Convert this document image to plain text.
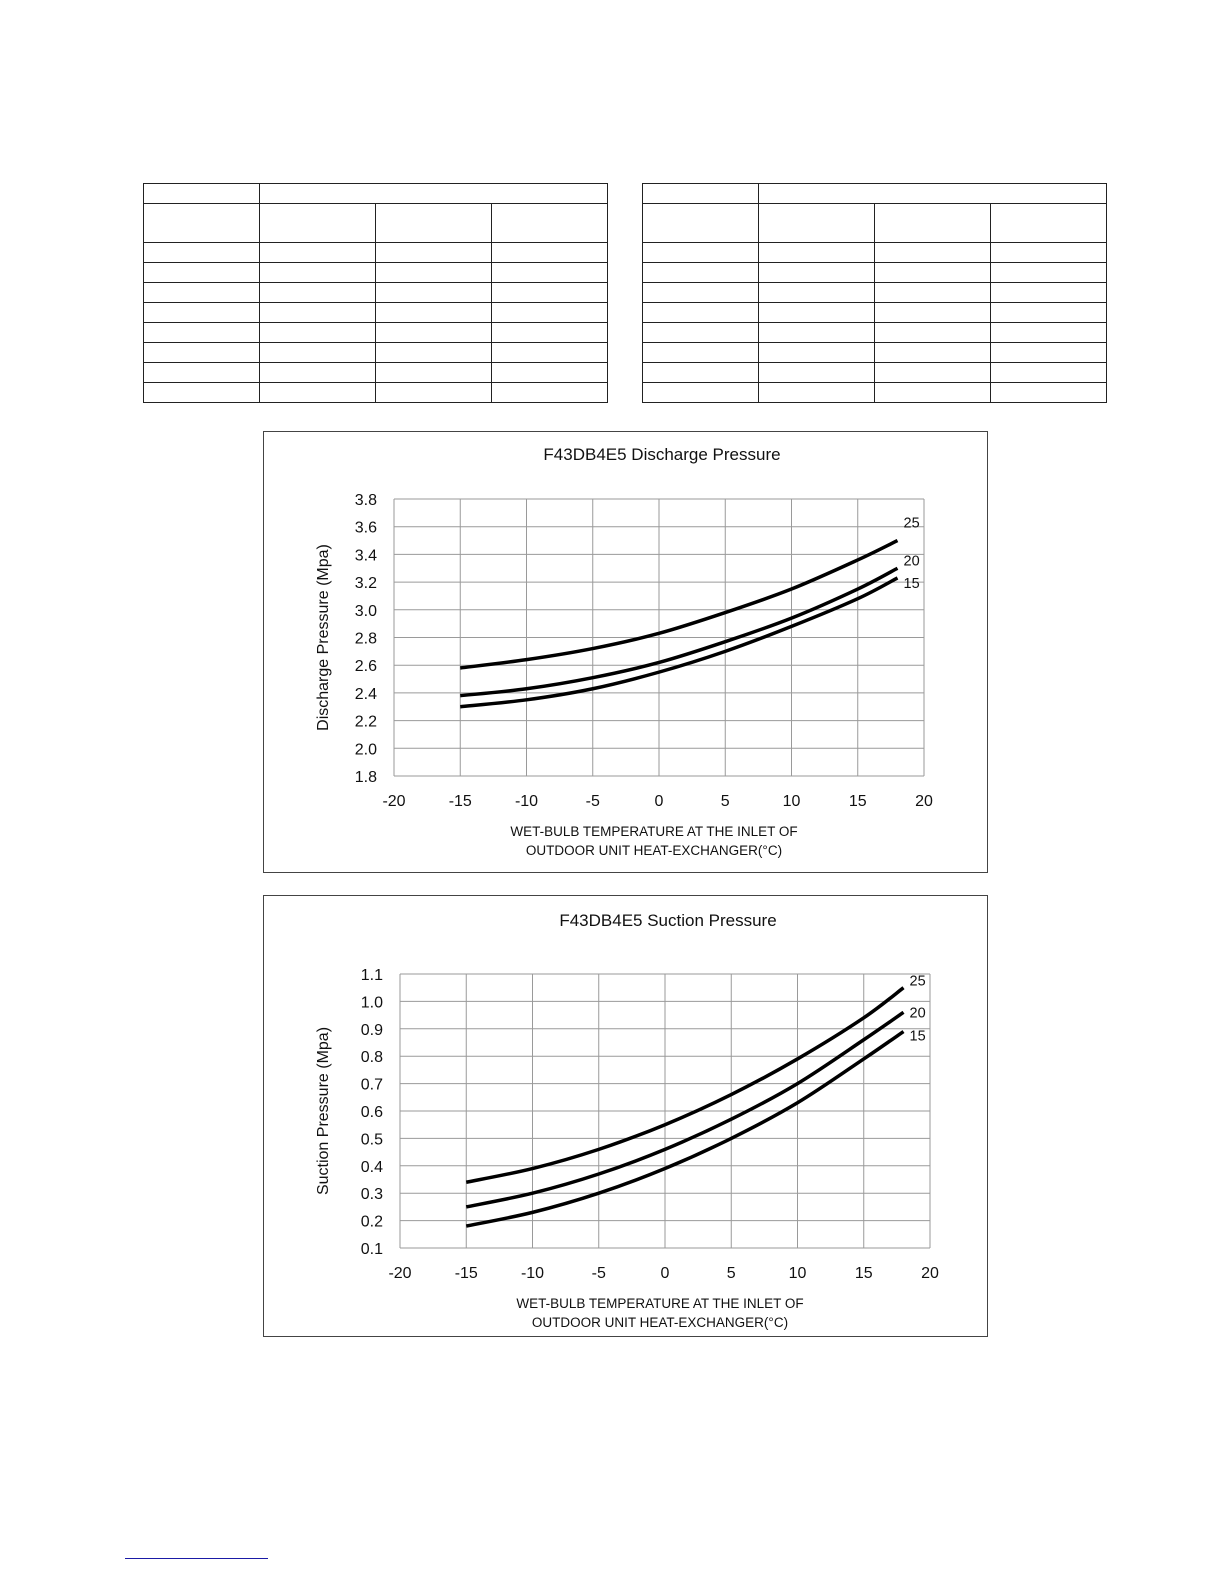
F43DB4E5 Discharge Pressure
1.8
2.0
2.2
2.4
2.6
2.8
3.0
3.2
3.4
3.6
3.8
-20	-15	-10	-5	0	5	10	15	20
Discharge Pressure (Mpa)
WET-BULB TEMPERATURE AT THE INLET OF
OUTDOOR UNIT HEAT-EXCHANGER(°C)
25
20
15
F43DB4E5 Suction Pressure
0.1
0.2
0.3
0.4
0.5
0.6
0.7
0.8
0.9
1.0
1.1
-20	-15	-10	-5	0	5	10	15	20
Suction Pressure (Mpa)
WET-BULB TEMPERATURE AT THE INLET OF
OUTDOOR UNIT HEAT-EXCHANGER(°C)
25
20
15
